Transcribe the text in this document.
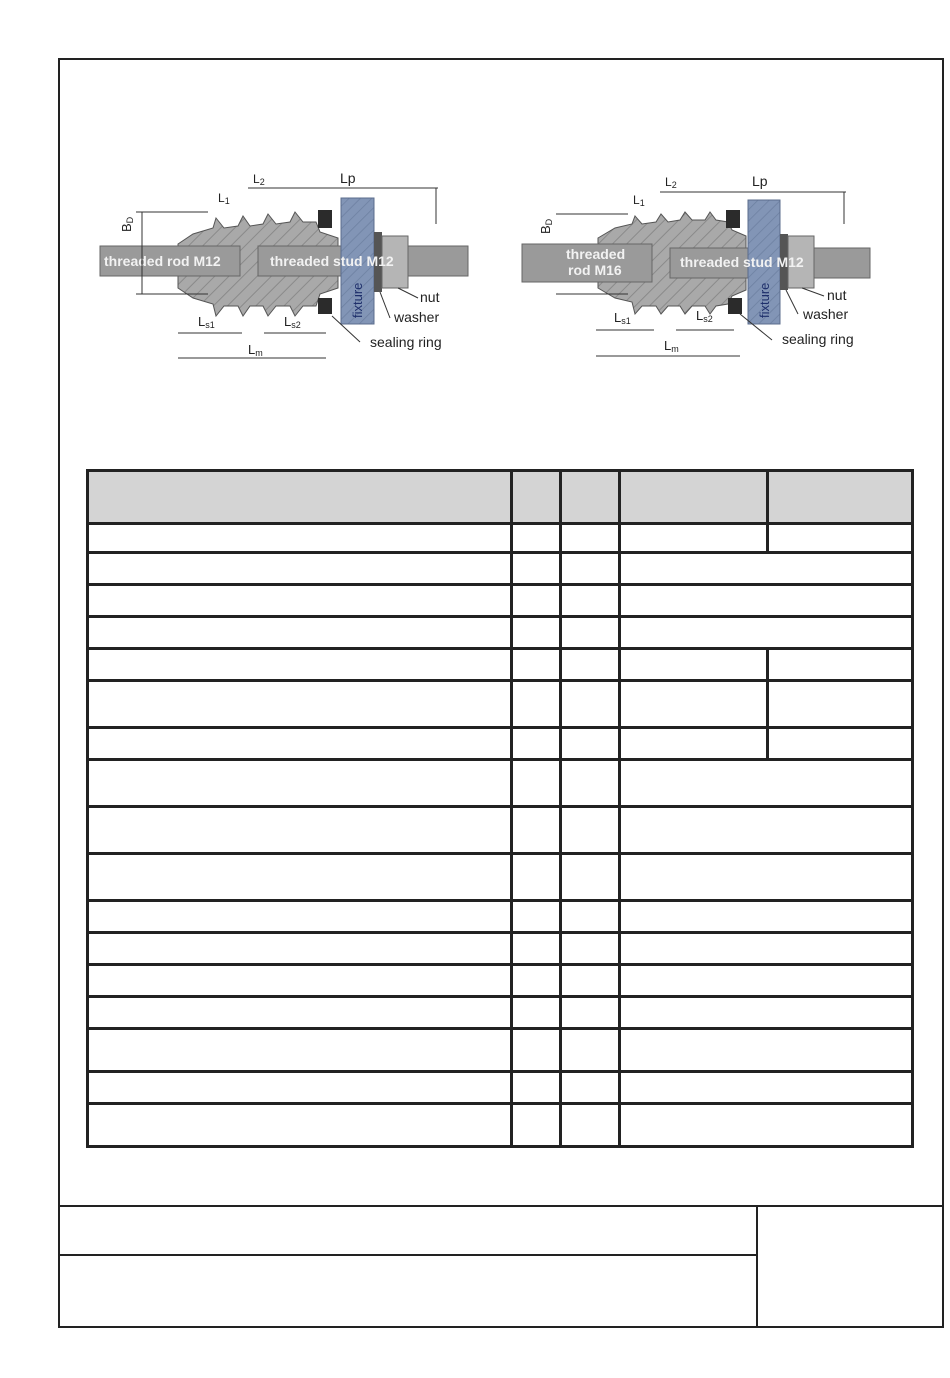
threaded rod M12	threaded stud M12
fixture
BD
Lp
L2
L1
Ls1	Ls2
Lm
nut
washer
sealing ring
threaded
rod M16	threaded stud M12
fixture
BD
Lp
L2
L1
Ls1	Ls2
Lm
nut
washer
sealing ring
